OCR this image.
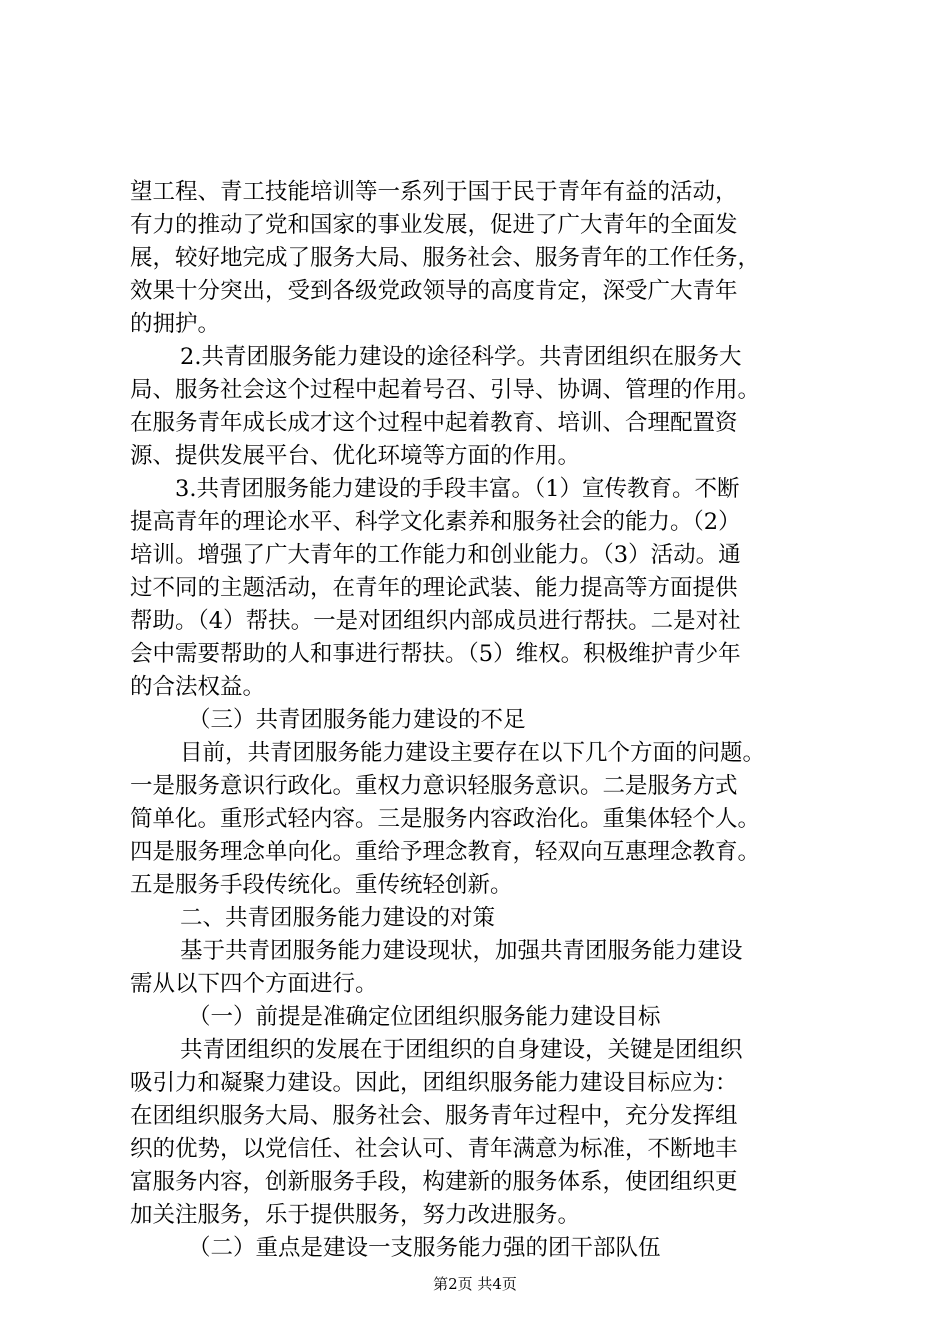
望工程、青工技能培训等一系列于国于民于青年有益的活动，
有力的推动了党和国家的事业发展，促进了广大青年的全面发
展，较好地完成了服务大局、服务社会、服务青年的工作任务，
效果十分突出，受到各级党政领导的高度肯定，深受广大青年
的拥护。
2.共青团服务能力建设的途径科学。共青团组织在服务大
局、服务社会这个过程中起着号召、引导、协调、管理的作用。
在服务青年成长成才这个过程中起着教育、培训、合理配置资
源、提供发展平台、优化环境等方面的作用。
3.共青团服务能力建设的手段丰富。（1）宣传教育。不断
提高青年的理论水平、科学文化素养和服务社会的能力。（2）
培训。增强了广大青年的工作能力和创业能力。（3）活动。通
过不同的主题活动，在青年的理论武装、能力提高等方面提供
帮助。（4）帮扶。一是对团组织内部成员进行帮扶。二是对社
会中需要帮助的人和事进行帮扶。（5）维权。积极维护青少年
的合法权益。
（三）共青团服务能力建设的不足
目前，共青团服务能力建设主要存在以下几个方面的问题。
一是服务意识行政化。重权力意识轻服务意识。二是服务方式
简单化。重形式轻内容。三是服务内容政治化。重集体轻个人。
四是服务理念单向化。重给予理念教育，轻双向互惠理念教育。
五是服务手段传统化。重传统轻创新。
二、共青团服务能力建设的对策
基于共青团服务能力建设现状，加强共青团服务能力建设
需从以下四个方面进行。
（一）前提是准确定位团组织服务能力建设目标
共青团组织的发展在于团组织的自身建设，关键是团组织
吸引力和凝聚力建设。因此，团组织服务能力建设目标应为：
在团组织服务大局、服务社会、服务青年过程中，充分发挥组
织的优势，以党信任、社会认可、青年满意为标准，不断地丰
富服务内容，创新服务手段，构建新的服务体系，使团组织更
加关注服务，乐于提供服务，努力改进服务。
（二）重点是建设一支服务能力强的团干部队伍
第2页 共4页
